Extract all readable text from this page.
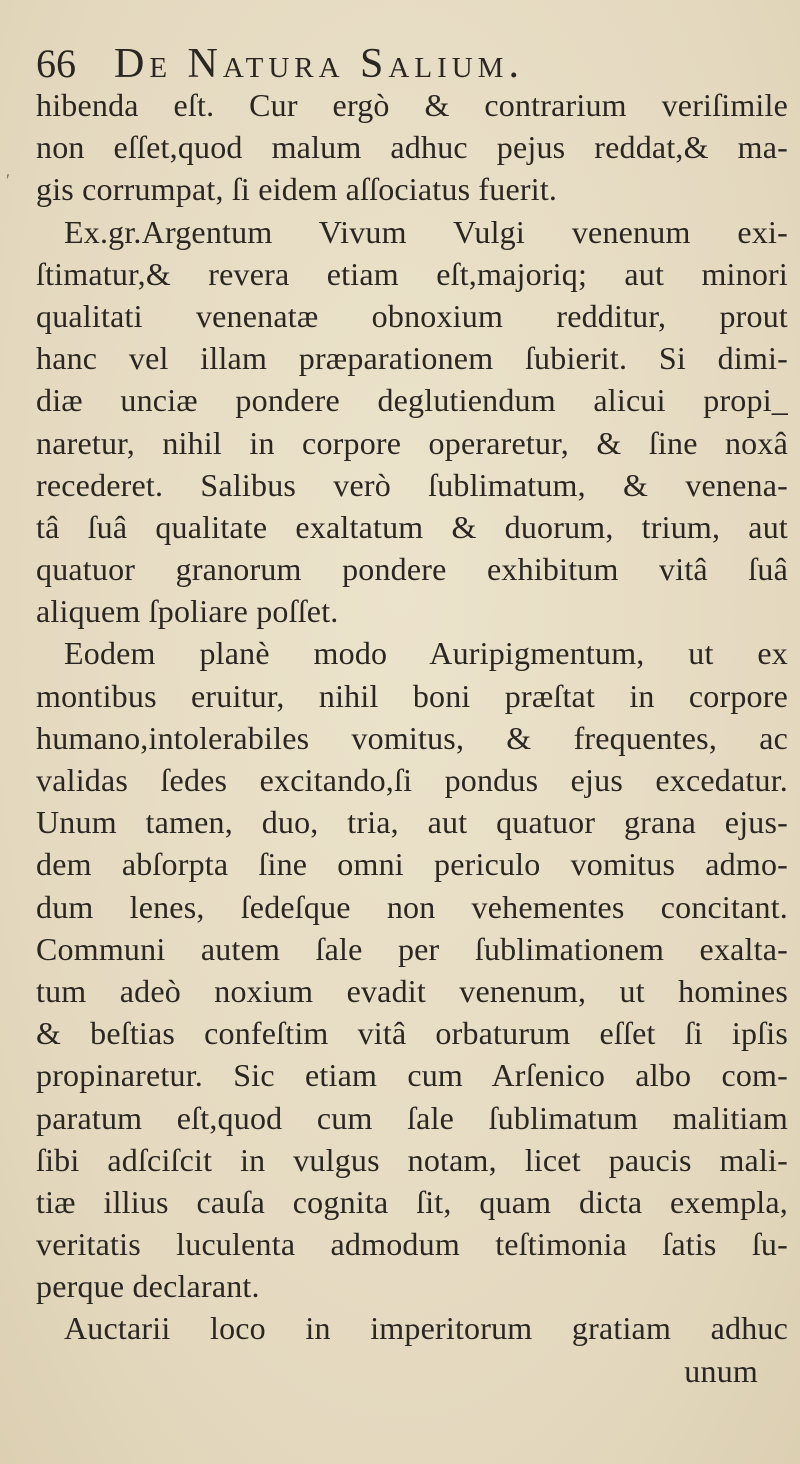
66 De Natura Salium.
ʹ
hibenda eſt. Cur ergò & contrarium veriſimile
non eſſet,quod malum adhuc pejus reddat,& ma-
gis corrumpat, ſi eidem aſſociatus fuerit.
Ex.gr.Argentum Vivum Vulgi venenum exi-
ſtimatur,& revera etiam eſt,majoriq; aut minori
qualitati venenatæ obnoxium redditur, prout
hanc vel illam præparationem ſubierit. Si dimi-
diæ unciæ pondere deglutiendum alicui propi_
naretur, nihil in corpore operaretur, & ſine noxâ
recederet. Salibus verò ſublimatum, & venena-
tâ ſuâ qualitate exaltatum & duorum, trium, aut
quatuor granorum pondere exhibitum vitâ ſuâ
aliquem ſpoliare poſſet.
Eodem planè modo Auripigmentum, ut ex
montibus eruitur, nihil boni præſtat in corpore
humano,intolerabiles vomitus, & frequentes, ac
validas ſedes excitando,ſi pondus ejus excedatur.
Unum tamen, duo, tria, aut quatuor grana ejus-
dem abſorpta ſine omni periculo vomitus admo-
dum lenes, ſedeſque non vehementes concitant.
Communi autem ſale per ſublimationem exalta-
tum adeò noxium evadit venenum, ut homines
& beſtias confeſtim vitâ orbaturum eſſet ſi ipſis
propinaretur. Sic etiam cum Arſenico albo com-
paratum eſt,quod cum ſale ſublimatum malitiam
ſibi adſciſcit in vulgus notam, licet paucis mali-
tiæ illius cauſa cognita ſit, quam dicta exempla,
veritatis luculenta admodum teſtimonia ſatis ſu-
perque declarant.
Auctarii loco in imperitorum gratiam adhuc
unum
